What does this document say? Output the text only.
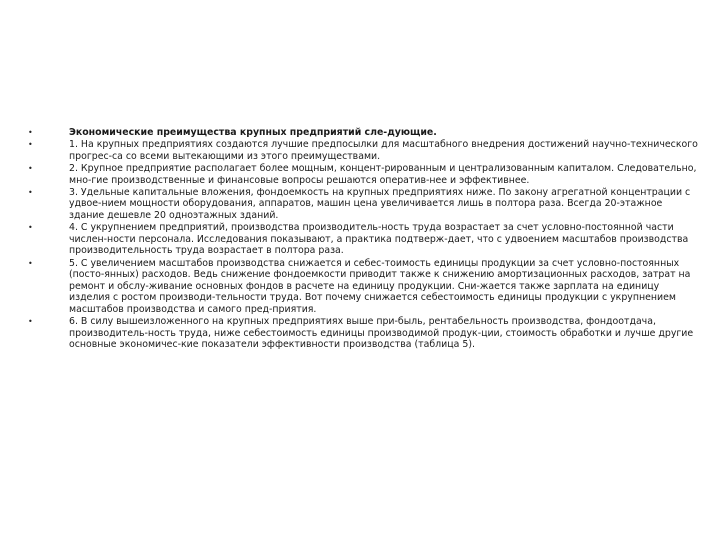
•	Экономические преимущества крупных предприятий сле-дующие.
•	1. На крупных предприятиях создаются лучшие предпосылки для масштабного внедрения достижений научно-технического прогрес-са со всеми вытекающими из этого преимуществами.
•	2. Крупное предприятие располагает более мощным, концент-рированным и централизованным капиталом. Следовательно, мно-гие производственные и финансовые вопросы решаются оператив-нее и эффективнее.
•	3. Удельные капитальные вложения, фондоемкость на крупных предприятиях ниже. По закону агрегатной концентрации с удвое-нием мощности оборудования, аппаратов, машин цена увеличивается лишь в полтора раза. Всегда 20-этажное здание дешевле 20 одноэтажных зданий.
•	4. С укрупнением предприятий, производства производитель-ность труда возрастает за счет условно-постоянной части числен-ности персонала. Исследования показывают, а практика подтверж-дает, что с удвоением масштабов производства производительность труда возрастает в полтора раза.
•	5. С увеличением масштабов производства снижается и себес-тоимость единицы продукции за счет условно-постоянных (посто-янных) расходов. Ведь снижение фондоемкости приводит также к снижению амортизационных расходов, затрат на ремонт и обслу-живание основных фондов в расчете на единицу продукции. Сни-жается также зарплата на единицу изделия с ростом производи-тельности труда. Вот почему снижается себестоимость единицы продукции с укрупнением масштабов производства и самого пред-приятия.
•	6. В силу вышеизложенного на крупных предприятиях выше при-быль, рентабельность производства, фондоотдача, производитель-ность труда, ниже себестоимость единицы производимой продук-ции, стоимость обработки и лучше другие основные экономичес-кие показатели эффективности производства (таблица 5).
